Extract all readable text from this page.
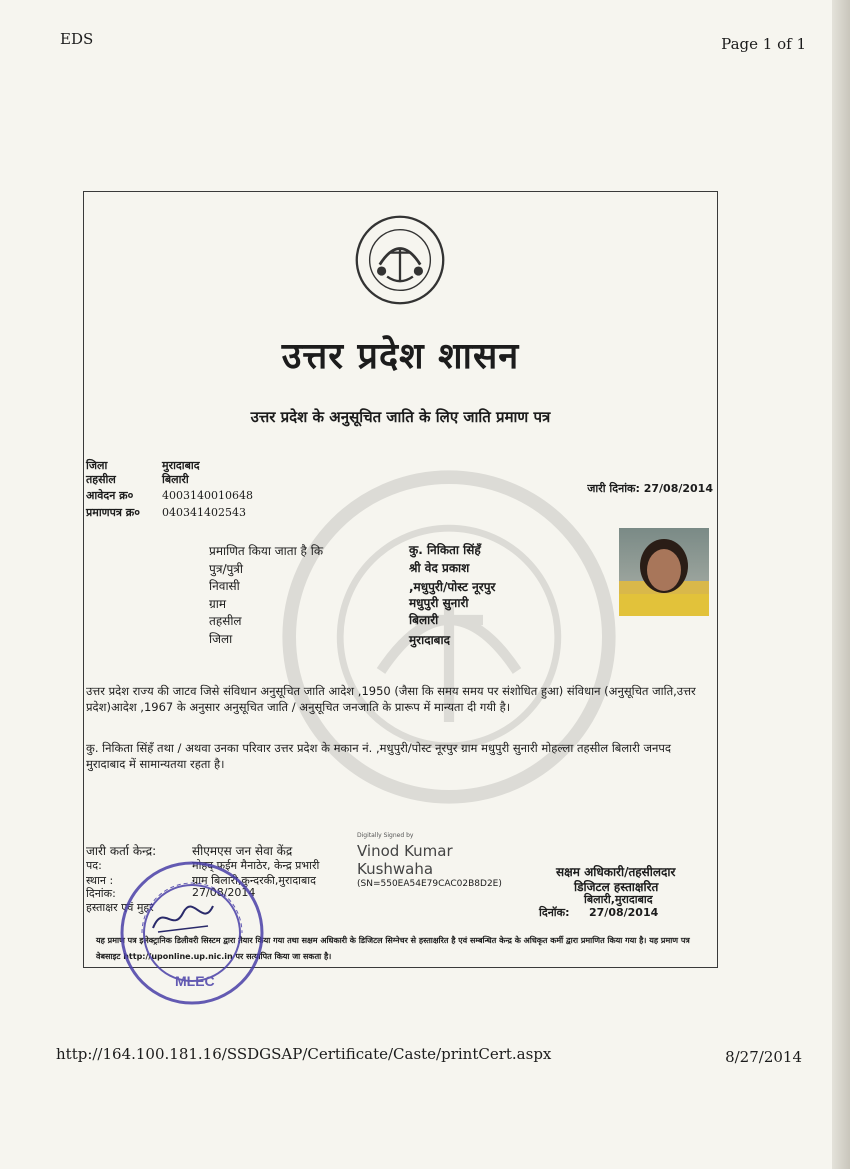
EDS	Page 1 of 1
उत्तर प्रदेश शासन
उत्तर प्रदेश के अनुसूचित जाति के लिए जाति प्रमाण पत्र
जिला	मुरादाबाद
तहसील	बिलारी
आवेदन क्र०	4003140010648
प्रमाणपत्र क्र० 040341402543
जारी दिनांक: 27/08/2014
प्रमाणित किया जाता है कि	कु. निकिता सिंहँ
पुत्र/पुत्री	श्री वेद प्रकाश
निवासी	,मधुपुरी/पोस्ट नूरपुर
ग्राम	मधुपुरी सुनारी
तहसील	बिलारी
जिला	मुरादाबाद
उत्तर प्रदेश राज्य की जाटव जिसे संविधान अनुसूचित जाति आदेश ,1950 (जैसा कि समय समय पर संशोधित हुआ) संविधान (अनुसूचित जाति,उत्तर प्रदेश)आदेश ,1967 के अनुसार अनुसूचित जाति / अनुसूचित जनजाति के प्रारूप में मान्यता दी गयी है।
कु. निकिता सिंहँ तथा / अथवा उनका परिवार उत्तर प्रदेश के मकान नं. ,मधुपुरी/पोस्ट नूरपुर ग्राम मधुपुरी सुनारी मोहल्ला तहसील बिलारी जनपद मुरादाबाद में सामान्यतया रहता है।
जारी कर्ता केन्द्र:	सीएमएस जन सेवा केंद्र
पद:	मोहद् फईम मैनाठेर, केन्द्र प्रभारी
स्थान :	ग्राम बिलारी,कुन्दरकी,मुरादाबाद
दिनांक:	27/08/2014
हस्ताक्षर एवं मुहर
Digitally Signed by
Vinod Kumar
Kushwaha
(SN=550EA54E79CAC02B8D2E)
सक्षम अधिकारी/तहसीलदार
डिजिटल हस्ताक्षरित
बिलारी,मुरादाबाद
दिनॉक: 27/08/2014
यह प्रमाण पत्र इलेक्ट्रानिक डिलीवरी सिस्टम द्वारा तैयार किया गया तथा सक्षम अधिकारी के डिजिटल सिग्नेचर से हस्ताक्षरित है एवं सम्बन्धित केन्द्र के अधिकृत कर्मी द्वारा प्रमाणित किया गया है। यह प्रमाण पत्र वेबसाइट http://uponline.up.nic.in पर सत्यापित किया जा सकता है।
MLEC
http://164.100.181.16/SSDGSAP/Certificate/Caste/printCert.aspx	8/27/2014
